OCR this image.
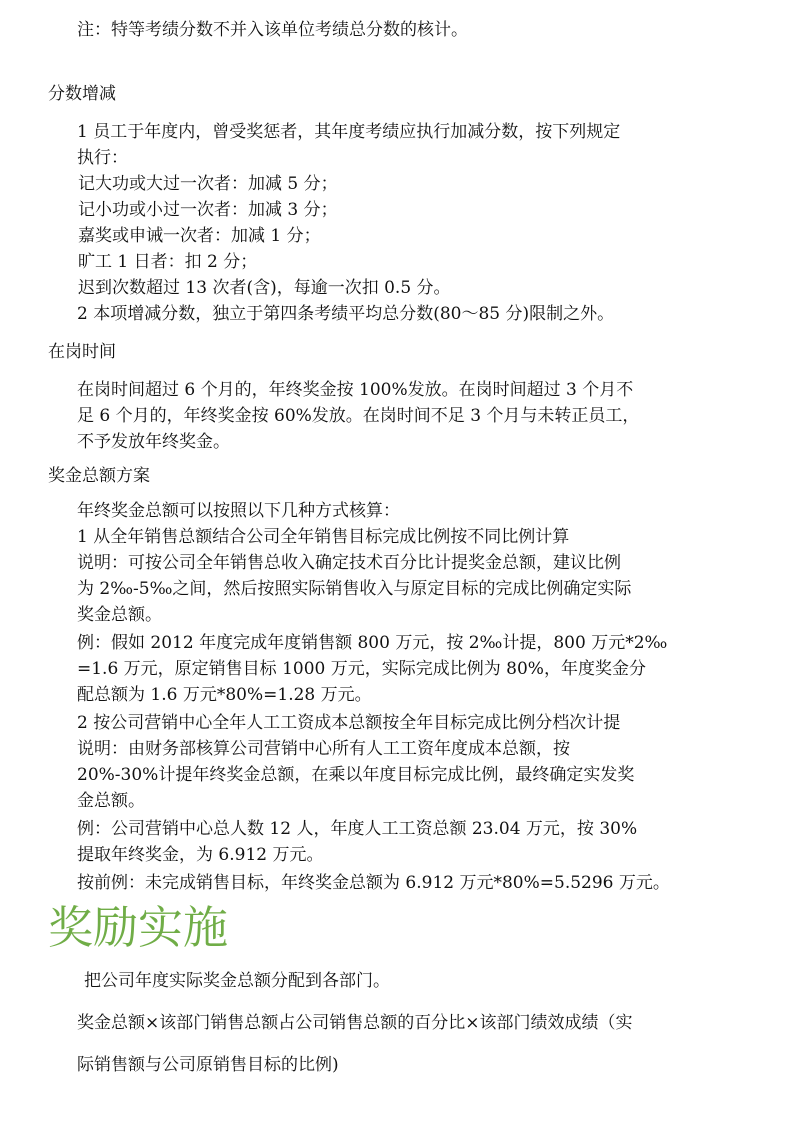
注：特等考绩分数不并入该单位考绩总分数的核计。
分数增减
1 员工于年度内，曾受奖惩者，其年度考绩应执行加减分数，按下列规定
执行：
记大功或大过一次者：加减 5 分；
记小功或小过一次者：加减 3 分；
嘉奖或申诫一次者：加减 1 分；
旷工 1 日者：扣 2 分；
迟到次数超过 13 次者(含)，每逾一次扣 0.5 分。
2 本项增减分数，独立于第四条考绩平均总分数(80～85 分)限制之外。
在岗时间
在岗时间超过 6 个月的，年终奖金按 100%发放。在岗时间超过 3 个月不
足 6 个月的，年终奖金按 60%发放。在岗时间不足 3 个月与未转正员工，
不予发放年终奖金。
奖金总额方案
年终奖金总额可以按照以下几种方式核算：
1 从全年销售总额结合公司全年销售目标完成比例按不同比例计算
说明：可按公司全年销售总收入确定技术百分比计提奖金总额，建议比例
为 2‰-5‰之间，然后按照实际销售收入与原定目标的完成比例确定实际
奖金总额。
例：假如 2012 年度完成年度销售额 800 万元，按 2‰计提，800 万元*2‰
=1.6 万元，原定销售目标 1000 万元，实际完成比例为 80%，年度奖金分
配总额为 1.6 万元*80%=1.28 万元。
2 按公司营销中心全年人工工资成本总额按全年目标完成比例分档次计提
说明：由财务部核算公司营销中心所有人工工资年度成本总额，按
20%-30%计提年终奖金总额，在乘以年度目标完成比例，最终确定实发奖
金总额。
例：公司营销中心总人数 12 人，年度人工工资总额 23.04 万元，按 30%
提取年终奖金，为 6.912 万元。
按前例：未完成销售目标，年终奖金总额为 6.912 万元*80%=5.5296 万元。
奖励实施
把公司年度实际奖金总额分配到各部门。
奖金总额×该部门销售总额占公司销售总额的百分比×该部门绩效成绩（实
际销售额与公司原销售目标的比例)
